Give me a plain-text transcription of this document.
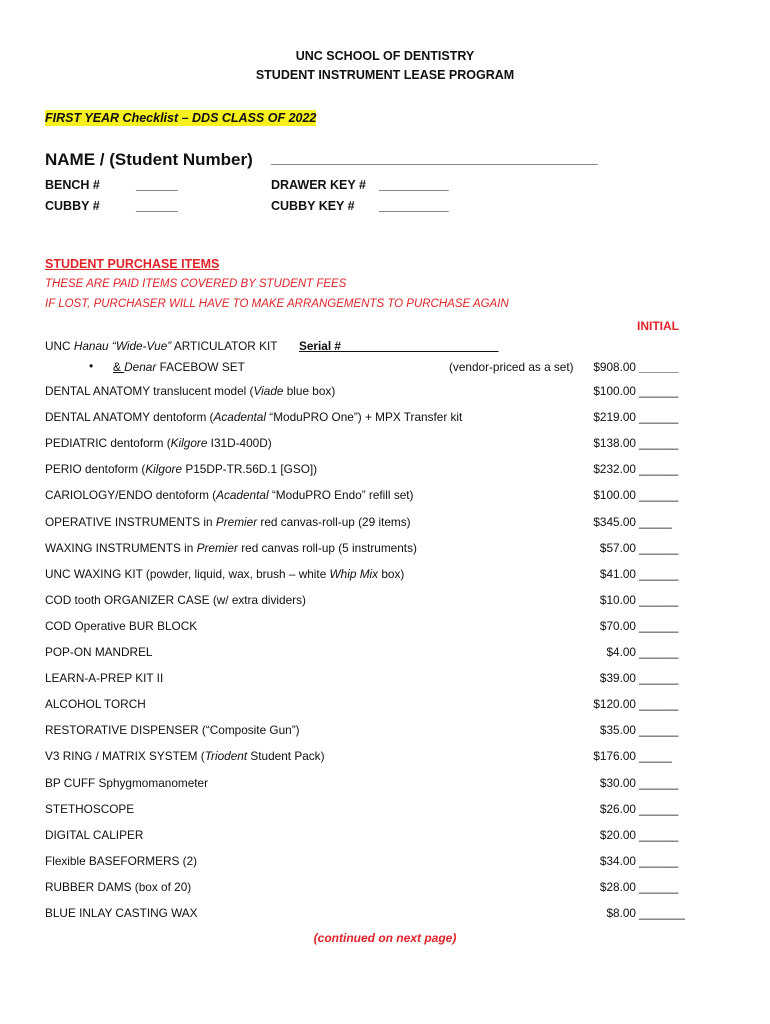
UNC SCHOOL OF DENTISTRY
STUDENT INSTRUMENT LEASE PROGRAM
FIRST YEAR Checklist – DDS CLASS OF 2022
NAME / (Student Number) _______________________________________________
BENCH #	______	DRAWER KEY # __________
CUBBY #	______	CUBBY KEY # __________
STUDENT PURCHASE ITEMS
THESE ARE PAID ITEMS COVERED BY STUDENT FEES
IF LOST, PURCHASER WILL HAVE TO MAKE ARRANGEMENTS TO PURCHASE AGAIN
INITIAL
UNC Hanau “Wide-Vue” ARTICULATOR KIT Serial #________________________
• & Denar FACEBOW SET	(vendor-priced as a set)	$908.00 ______
DENTAL ANATOMY translucent model (Viade blue box)	$100.00 ______
DENTAL ANATOMY dentoform (Acadental “ModuPRO One”) + MPX Transfer kit	$219.00 ______
PEDIATRIC dentoform (Kilgore I31D-400D)	$138.00 ______
PERIO dentoform (Kilgore P15DP-TR.56D.1 [GSO])	$232.00 ______
CARIOLOGY/ENDO dentoform (Acadental “ModuPRO Endo” refill set)	$100.00 ______
OPERATIVE INSTRUMENTS in Premier red canvas-roll-up (29 items)	$345.00 _____
WAXING INSTRUMENTS in Premier red canvas roll-up (5 instruments)	$57.00 ______
UNC WAXING KIT (powder, liquid, wax, brush – white Whip Mix box)	$41.00 ______
COD tooth ORGANIZER CASE (w/ extra dividers)	$10.00 ______
COD Operative BUR BLOCK	$70.00 ______
POP-ON MANDREL	$4.00 ______
LEARN-A-PREP KIT II	$39.00 ______
ALCOHOL TORCH	$120.00 ______
RESTORATIVE DISPENSER (“Composite Gun”)	$35.00 ______
V3 RING / MATRIX SYSTEM (Triodent Student Pack)	$176.00 _____
BP CUFF Sphygmomanometer	$30.00 ______
STETHOSCOPE	$26.00 ______
DIGITAL CALIPER	$20.00 ______
Flexible BASEFORMERS (2)	$34.00 ______
RUBBER DAMS (box of 20)	$28.00 ______
BLUE INLAY CASTING WAX	$8.00 _______
(continued on next page)
